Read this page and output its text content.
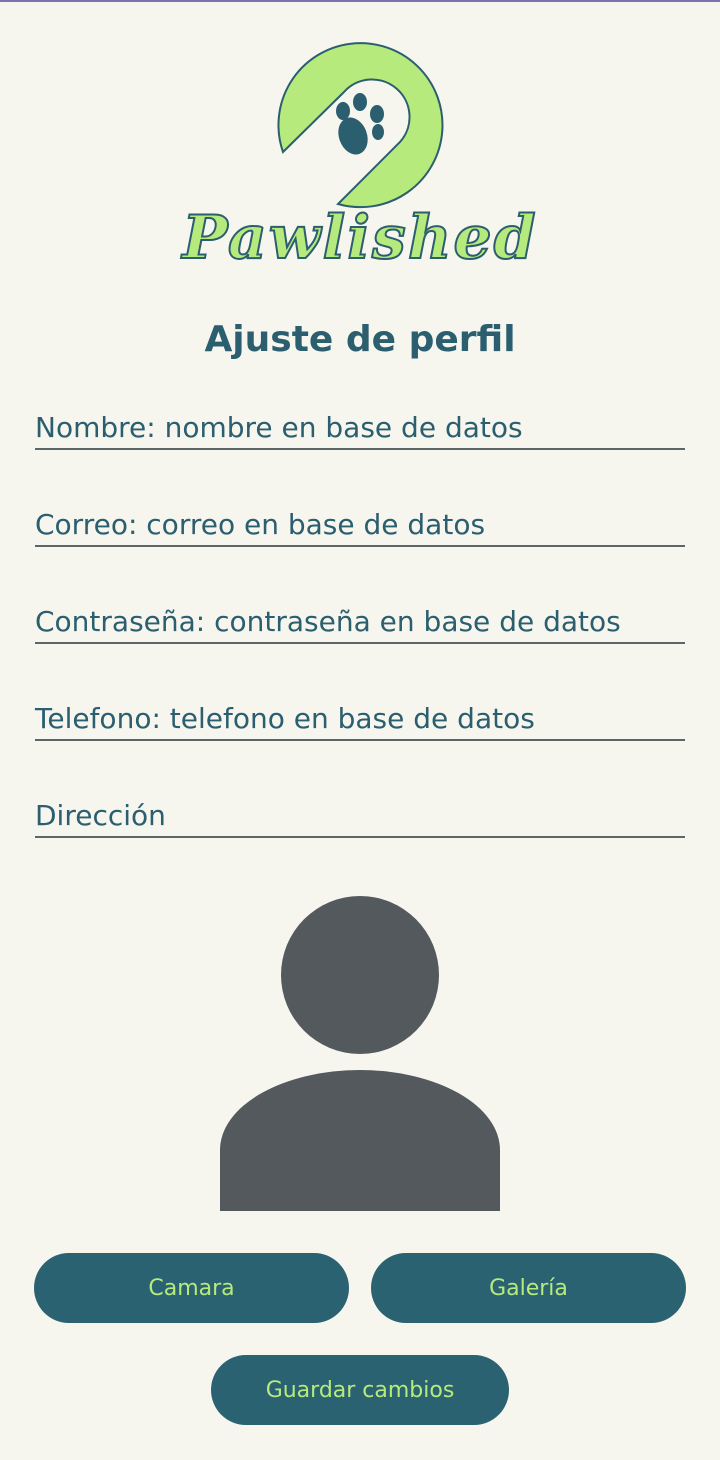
Pawlished
Ajuste de perfil
Nombre: nombre en base de datos
Correo: correo en base de datos
Contraseña: contraseña en base de datos
Telefono: telefono en base de datos
Dirección
Camara	Galería
Guardar cambios
